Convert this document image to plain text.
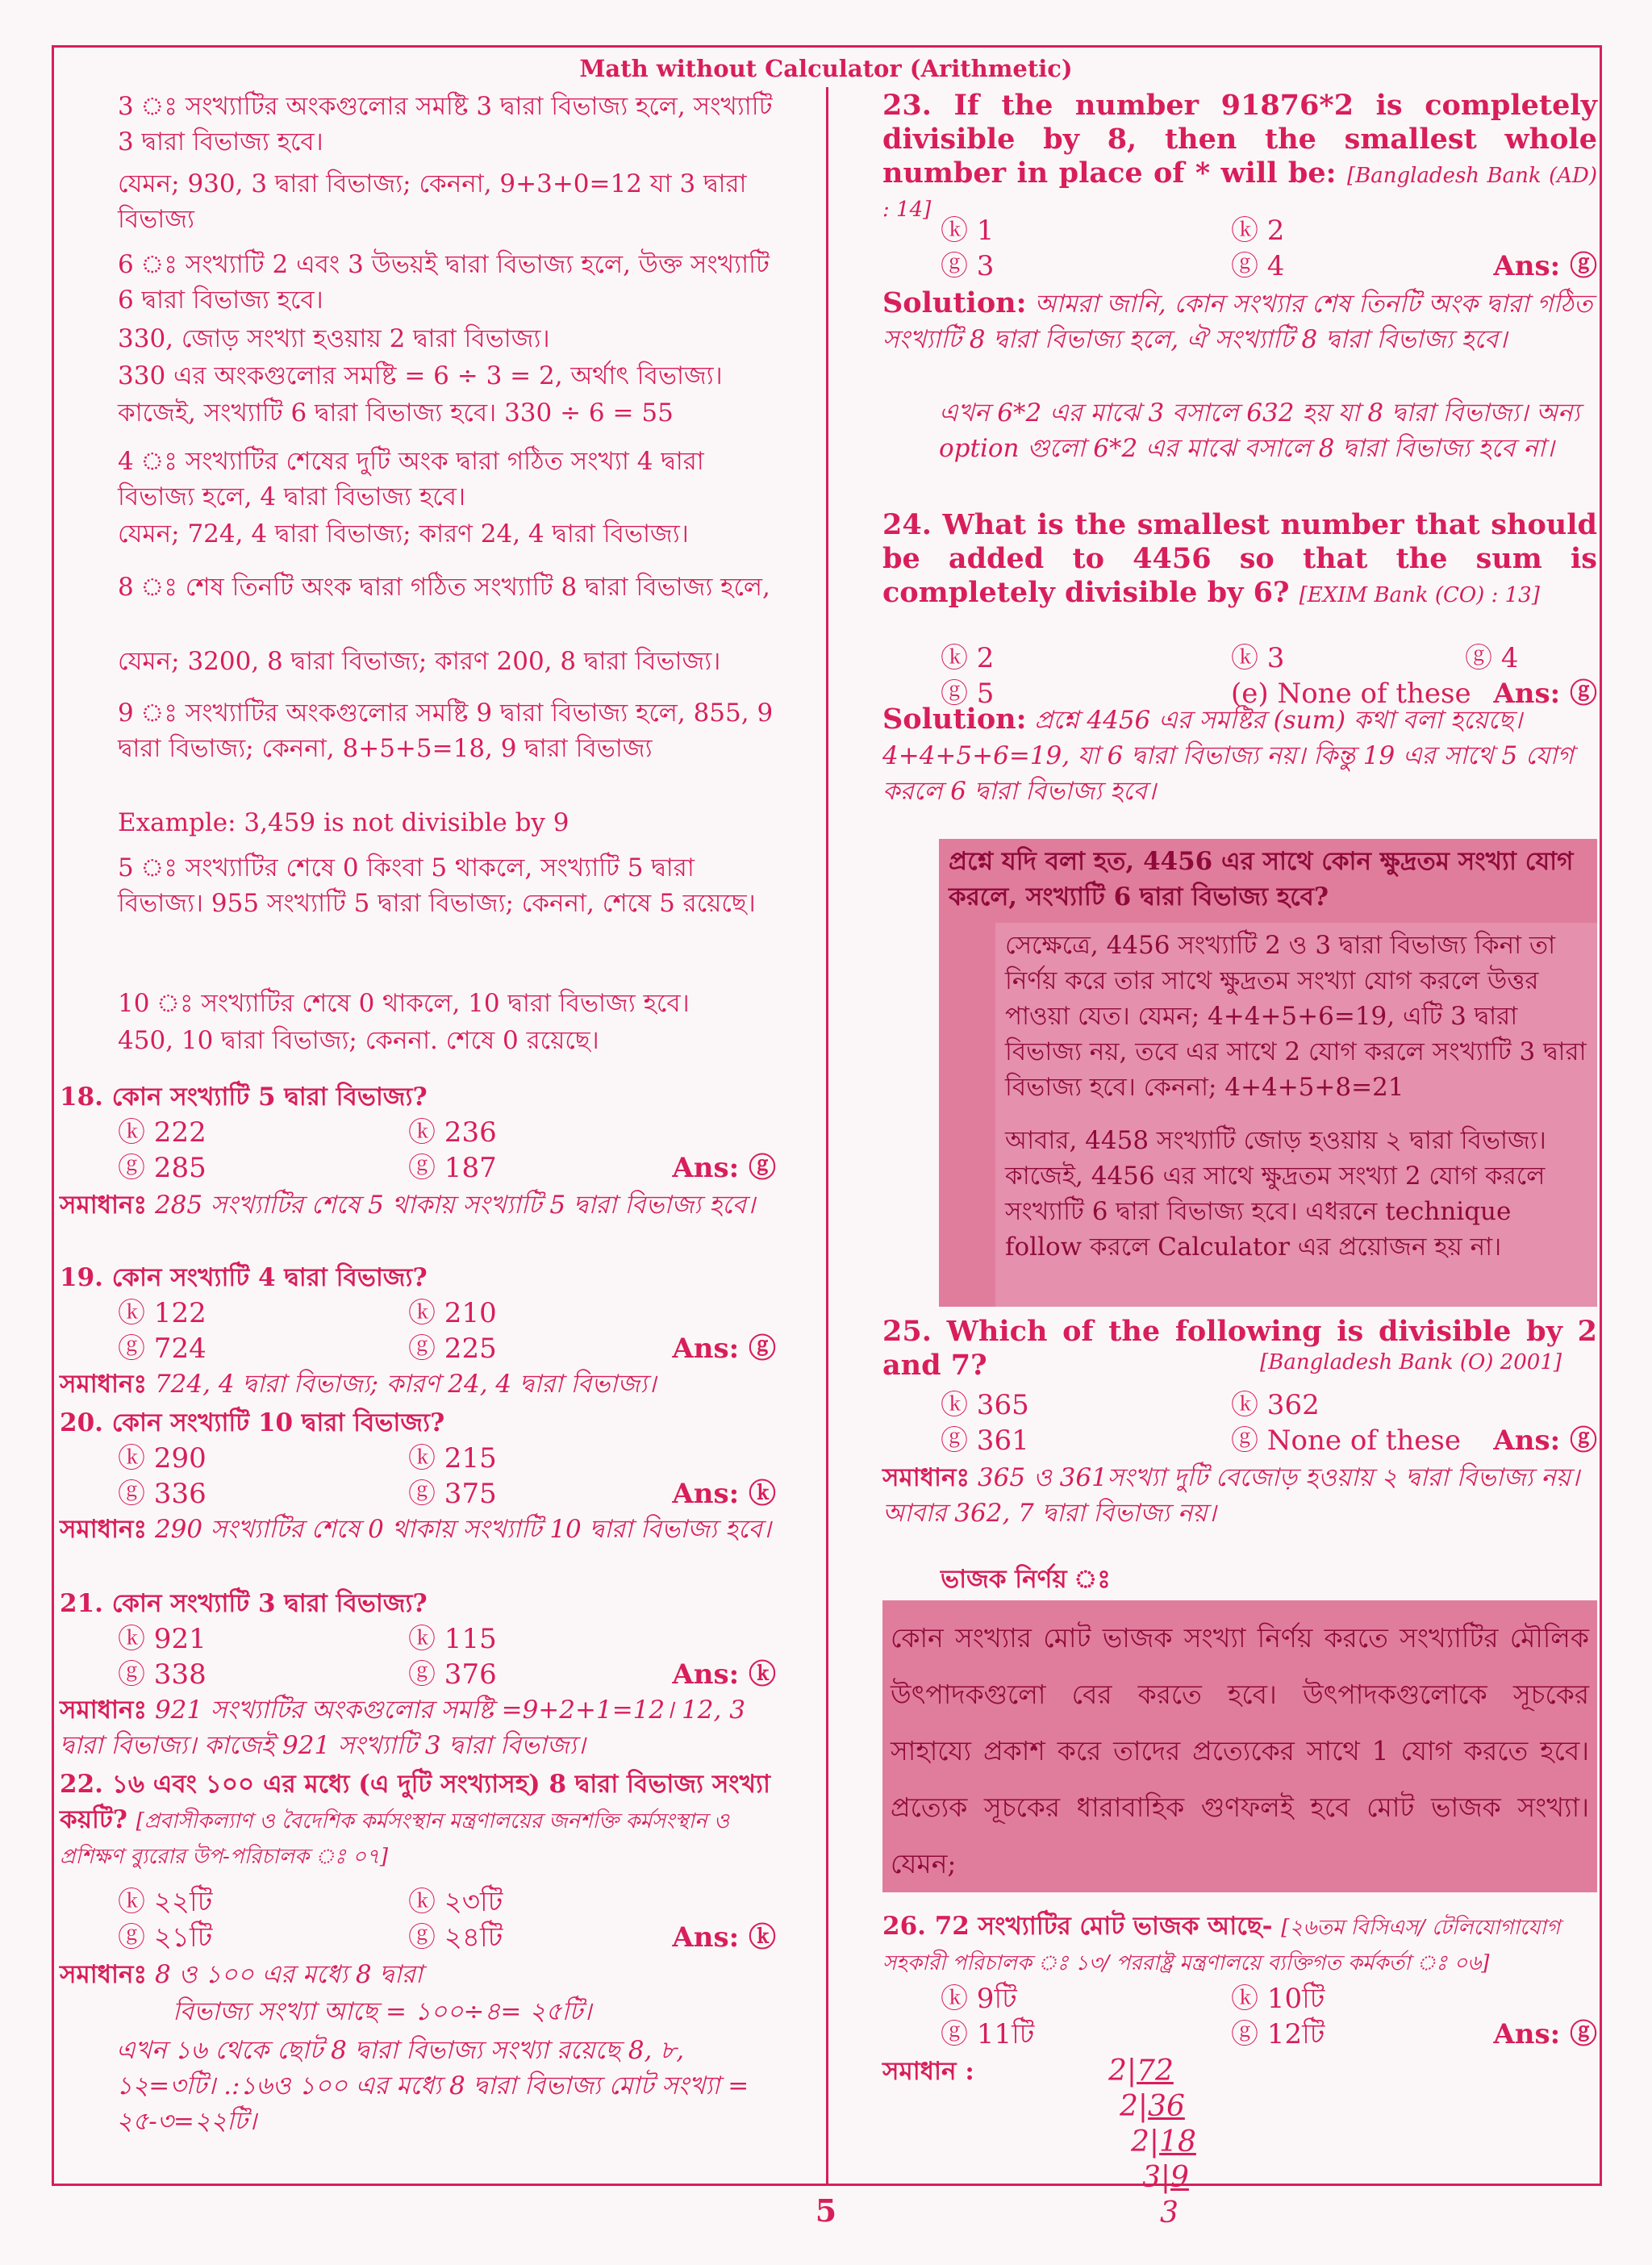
Math without Calculator (Arithmetic)

3 ঃ সংখ্যাটির অংকগুলোর সমষ্টি 3 দ্বারা বিভাজ্য হলে, সংখ্যাটি 3 দ্বারা বিভাজ্য হবে।

যেমন; 930, 3 দ্বারা বিভাজ্য; কেননা, 9+3+0=12 যা 3 দ্বারা বিভাজ্য

6 ঃ সংখ্যাটি 2 এবং 3 উভয়ই দ্বারা বিভাজ্য হলে, উক্ত সংখ্যাটি 6 দ্বারা বিভাজ্য হবে।

330, জোড় সংখ্যা হওয়ায় 2 দ্বারা বিভাজ্য।

330 এর অংকগুলোর সমষ্টি = 6 ÷ 3 = 2, অর্থাৎ বিভাজ্য।

কাজেই, সংখ্যাটি 6 দ্বারা বিভাজ্য হবে। 330 ÷ 6 = 55

4 ঃ সংখ্যাটির শেষের দুটি অংক দ্বারা গঠিত সংখ্যা 4 দ্বারা বিভাজ্য হলে, 4 দ্বারা বিভাজ্য হবে।

যেমন; 724, 4 দ্বারা বিভাজ্য; কারণ 24, 4 দ্বারা বিভাজ্য।

8 ঃ শেষ তিনটি অংক দ্বারা গঠিত সংখ্যাটি 8 দ্বারা বিভাজ্য হলে,

যেমন; 3200, 8 দ্বারা বিভাজ্য; কারণ 200, 8 দ্বারা বিভাজ্য।

9 ঃ সংখ্যাটির অংকগুলোর সমষ্টি 9 দ্বারা বিভাজ্য হলে, 855, 9 দ্বারা বিভাজ্য; কেননা, 8+5+5=18, 9 দ্বারা বিভাজ্য

Example: 3,459 is not divisible by 9

5 ঃ সংখ্যাটির শেষে 0 কিংবা 5 থাকলে, সংখ্যাটি 5 দ্বারা বিভাজ্য। 955 সংখ্যাটি 5 দ্বারা বিভাজ্য; কেননা, শেষে 5 রয়েছে।

10 ঃ সংখ্যাটির শেষে 0 থাকলে, 10 দ্বারা বিভাজ্য হবে।

450, 10 দ্বারা বিভাজ্য; কেননা. শেষে 0 রয়েছে।

18. কোন সংখ্যাটি 5 দ্বারা বিভাজ্য?

ⓚ 222	ⓚ 236
ⓖ 285	ⓖ 187	Ans: ⓖ

সমাধানঃ 285 সংখ্যাটির শেষে 5 থাকায় সংখ্যাটি 5 দ্বারা বিভাজ্য হবে।

19. কোন সংখ্যাটি 4 দ্বারা বিভাজ্য?

ⓚ 122	ⓚ 210
ⓖ 724	ⓖ 225	Ans: ⓖ

সমাধানঃ 724, 4 দ্বারা বিভাজ্য; কারণ 24, 4 দ্বারা বিভাজ্য।

20. কোন সংখ্যাটি 10 দ্বারা বিভাজ্য?

ⓚ 290	ⓚ 215
ⓖ 336	ⓖ 375	Ans: ⓚ

সমাধানঃ 290 সংখ্যাটির শেষে 0 থাকায় সংখ্যাটি 10 দ্বারা বিভাজ্য হবে।

21. কোন সংখ্যাটি 3 দ্বারা বিভাজ্য?

ⓚ 921	ⓚ 115
ⓖ 338	ⓖ 376	Ans: ⓚ

সমাধানঃ 921 সংখ্যাটির অংকগুলোর সমষ্টি =9+2+1=12। 12, 3 দ্বারা বিভাজ্য। কাজেই 921 সংখ্যাটি 3 দ্বারা বিভাজ্য।

22. ১৬ এবং ১০০ এর মধ্যে (এ দুটি সংখ্যাসহ) 8 দ্বারা বিভাজ্য সংখ্যা কয়টি? [প্রবাসীকল্যাণ ও বৈদেশিক কর্মসংস্থান মন্ত্রণালয়ের জনশক্তি কর্মসংস্থান ও প্রশিক্ষণ ব্যুরোর উপ-পরিচালক ঃ ০৭]

ⓚ ২২টি	ⓚ ২৩টি
ⓖ ২১টি	ⓖ ২৪টি	Ans: ⓚ

সমাধানঃ 8 ও ১০০ এর মধ্যে 8 দ্বারা

বিভাজ্য সংখ্যা আছে = ১০০÷৪= ২৫টি।

এখন ১৬ থেকে ছোট 8 দ্বারা বিভাজ্য সংখ্যা রয়েছে 8, ৮, ১২=৩টি। .:১৬ও ১০০ এর মধ্যে 8 দ্বারা বিভাজ্য মোট সংখ্যা = ২৫-৩=২২টি।

23. If the number 91876*2 is completely divisible by 8, then the smallest whole number in place of * will be: [Bangladesh Bank (AD) : 14]

ⓚ 1	ⓚ 2
ⓖ 3	ⓖ 4	Ans: ⓖ

Solution: আমরা জানি, কোন সংখ্যার শেষ তিনটি অংক দ্বারা গঠিত সংখ্যাটি 8 দ্বারা বিভাজ্য হলে, ঐ সংখ্যাটি 8 দ্বারা বিভাজ্য হবে।

এখন 6*2 এর মাঝে 3 বসালে 632 হয় যা 8 দ্বারা বিভাজ্য। অন্য option গুলো 6*2 এর মাঝে বসালে 8 দ্বারা বিভাজ্য হবে না।

24. What is the smallest number that should be added to 4456 so that the sum is completely divisible by 6? [EXIM Bank (CO) : 13]

ⓚ 2	ⓚ 3	ⓖ 4
ⓖ 5	(e) None of these Ans: ⓖ

Solution: প্রশ্নে 4456 এর সমষ্টির (sum) কথা বলা হয়েছে। 4+4+5+6=19, যা 6 দ্বারা বিভাজ্য নয়। কিন্তু 19 এর সাথে 5 যোগ করলে 6 দ্বারা বিভাজ্য হবে।

প্রশ্নে যদি বলা হত, 4456 এর সাথে কোন ক্ষুদ্রতম সংখ্যা যোগ করলে, সংখ্যাটি 6 দ্বারা বিভাজ্য হবে?

সেক্ষেত্রে, 4456 সংখ্যাটি 2 ও 3 দ্বারা বিভাজ্য কিনা তা নির্ণয় করে তার সাথে ক্ষুদ্রতম সংখ্যা যোগ করলে উত্তর পাওয়া যেত। যেমন; 4+4+5+6=19, এটি 3 দ্বারা বিভাজ্য নয়, তবে এর সাথে 2 যোগ করলে সংখ্যাটি 3 দ্বারা বিভাজ্য হবে। কেননা; 4+4+5+8=21

আবার, 4458 সংখ্যাটি জোড় হওয়ায় ২ দ্বারা বিভাজ্য। কাজেই, 4456 এর সাথে ক্ষুদ্রতম সংখ্যা 2 যোগ করলে সংখ্যাটি 6 দ্বারা বিভাজ্য হবে। এধরনে technique follow করলে Calculator এর প্রয়োজন হয় না।

25. Which of the following is divisible by 2 and 7?	[Bangladesh Bank (O) 2001]

ⓚ 365	ⓚ 362
ⓖ 361	ⓖ None of these Ans: ⓖ

সমাধানঃ 365 ও 361সংখ্যা দুটি বেজোড় হওয়ায় ২ দ্বারা বিভাজ্য নয়। আবার 362, 7 দ্বারা বিভাজ্য নয়।

ভাজক নির্ণয় ঃ

কোন সংখ্যার মোট ভাজক সংখ্যা নির্ণয় করতে সংখ্যাটির মৌলিক উৎপাদকগুলো বের করতে হবে। উৎপাদকগুলোকে সূচকের সাহায্যে প্রকাশ করে তাদের প্রত্যেকের সাথে 1 যোগ করতে হবে। প্রত্যেক সূচকের ধারাবাহিক গুণফলই হবে মোট ভাজক সংখ্যা। যেমন;

26. 72 সংখ্যাটির মোট ভাজক আছে- [২৬তম বিসিএস/ টেলিযোগাযোগ সহকারী পরিচালক ঃ ১৩/ পররাষ্ট্র মন্ত্রণালয়ে ব্যক্তিগত কর্মকর্তা ঃ ০৬]

ⓚ 9টি	ⓚ 10টি
ⓖ 11টি	ⓖ 12টি	Ans: ⓖ

সমাধান :	2|72
2|36
2|18
3|9
3
5
